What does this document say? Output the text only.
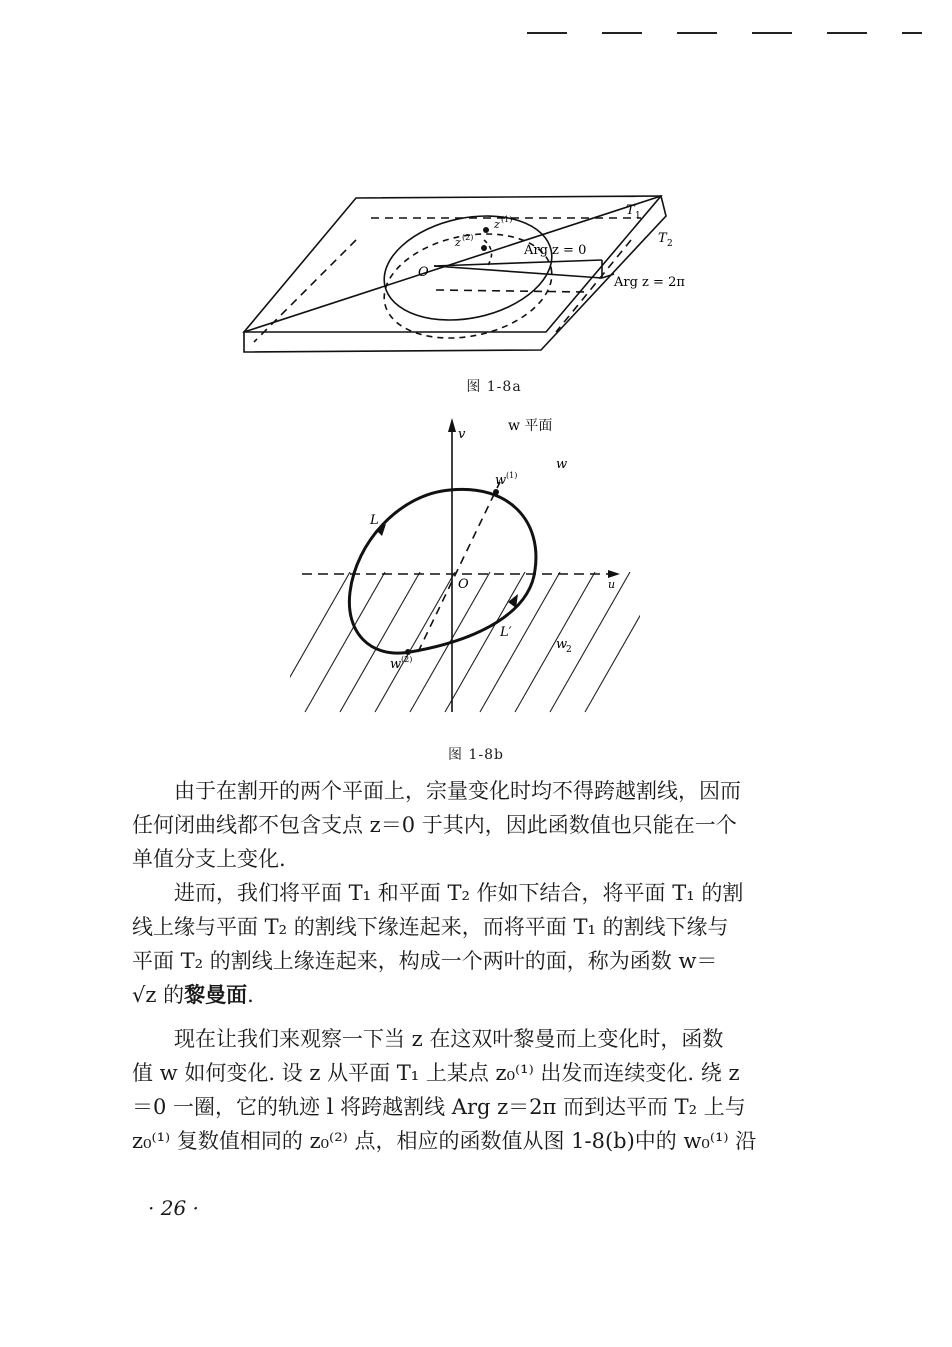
T 1
T 2
z (1)
z (2)
O
Arg z = 0
Arg z = 2π
图 1-8a
v
u
w 平面
w
w (1)
w (2)
O
L
L′
w
2
图 1-8b

由于在割开的两个平面上，宗量变化时均不得跨越割线，因而

任何闭曲线都不包含支点 z＝0 于其内，因此函数值也只能在一个
单值分支上变化.

进而，我们将平面 T₁ 和平面 T₂ 作如下结合，将平面 T₁ 的割

线上缘与平面 T₂ 的割线下缘连起来，而将平面 T₁ 的割线下缘与
平面 T₂ 的割线上缘连起来，构成一个两叶的面，称为函数 w＝
√z 的黎曼面.

现在让我们来观察一下当 z 在这双叶黎曼而上变化时，函数

值 w 如何变化. 设 z 从平面 T₁ 上某点 z₀⁽¹⁾ 出发而连续变化. 绕 z
＝0 一圈，它的轨迹 l 将跨越割线 Arg z＝2π 而到达平而 T₂ 上与
z₀⁽¹⁾ 复数值相同的 z₀⁽²⁾ 点，相应的函数值从图 1-8(b)中的 w₀⁽¹⁾ 沿
· 26 ·
